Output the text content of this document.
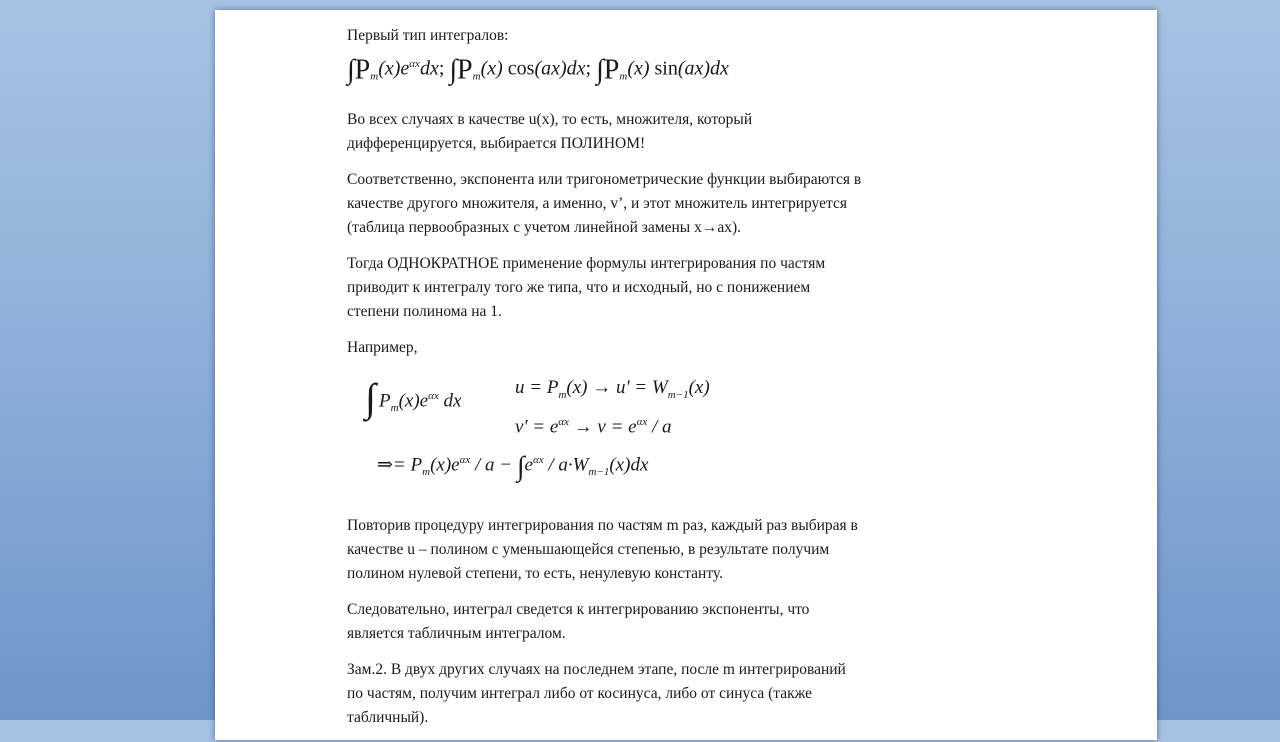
Первый тип интегралов:

$\int P_m(x)e^{\alpha x}dx$; $\int P_m(x)$ cos(ax)dx; $\int P_m(x)$ sin(ax)dx

Во всех случаях в качестве u(x), то есть, множителя, который
дифференцируется, выбирается ПОЛИНОМ!

Соответственно, экспонента или тригонометрические функции выбираются в
качестве другого множителя, а именно, v’, и этот множитель интегрируется
(таблица первообразных с учетом линейной замены x→ax).

Тогда ОДНОКРАТНОЕ применение формулы интегрирования по частям
приводит к интегралу того же типа, что и исходный, но с понижением
степени полинома на 1.

Например,

∫ $P_m(x)e^{\alpha x}$ dx
$u = P_m(x) \to u' = W_{m-1}(x)$
$v' = e^{\alpha x} \to v = e^{\alpha x} / a$
⇒= $P_m(x)e^{\alpha x} / a - \int e^{\alpha x} / a\cdot W_{m-1}(x)dx$

Повторив процедуру интегрирования по частям m раз, каждый раз выбирая в
качестве u – полином с уменьшающейся степенью, в результате получим
полином нулевой степени, то есть, ненулевую константу.

Следовательно, интеграл сведется к интегрированию экспоненты, что
является табличным интегралом.

Зам.2. В двух других случаях на последнем этапе, после m интегрирований
по частям, получим интеграл либо от косинуса, либо от синуса (также
табличный).
